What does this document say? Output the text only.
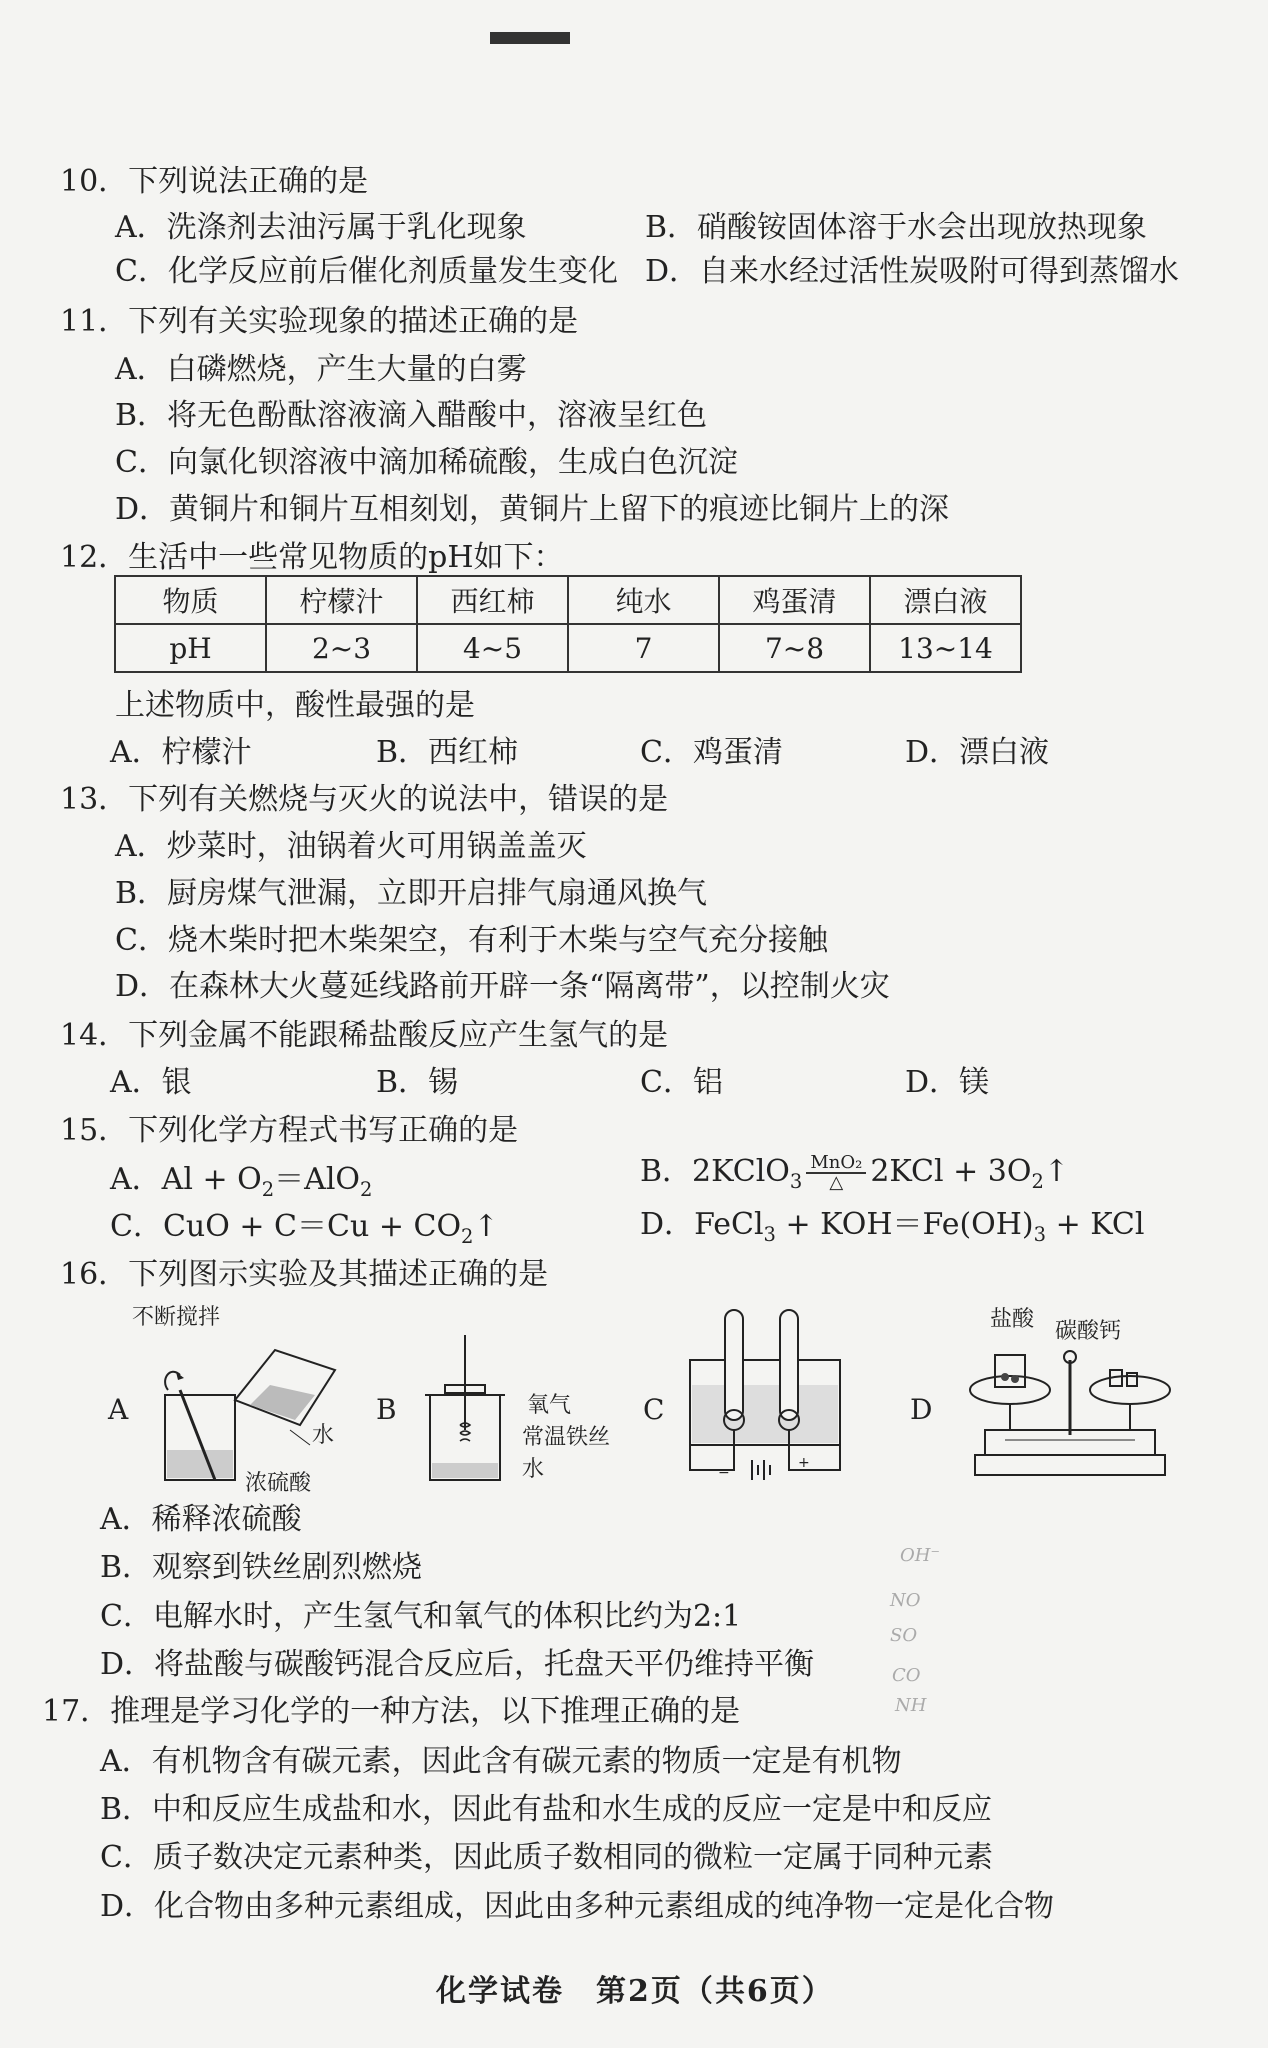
10．下列说法正确的是
A．洗涤剂去油污属于乳化现象	B．硝酸铵固体溶于水会出现放热现象
C．化学反应前后催化剂质量发生变化 D．自来水经过活性炭吸附可得到蒸馏水
11．下列有关实验现象的描述正确的是
A．白磷燃烧，产生大量的白雾
B．将无色酚酞溶液滴入醋酸中，溶液呈红色
C．向氯化钡溶液中滴加稀硫酸，生成白色沉淀
D．黄铜片和铜片互相刻划，黄铜片上留下的痕迹比铜片上的深
12．生活中一些常见物质的pH如下：
物质	柠檬汁	西红柿	纯水	鸡蛋清	漂白液
pH	2~3	4~5	7	7~8	13~14
上述物质中，酸性最强的是
A．柠檬汁	B．西红柿	C．鸡蛋清	D．漂白液
13．下列有关燃烧与灭火的说法中，错误的是
A．炒菜时，油锅着火可用锅盖盖灭
B．厨房煤气泄漏，立即开启排气扇通风换气
C．烧木柴时把木柴架空，有利于木柴与空气充分接触
D．在森林大火蔓延线路前开辟一条“隔离带”，以控制火灾
14．下列金属不能跟稀盐酸反应产生氢气的是
A．银	B．锡	C．铝	D．镁
15．下列化学方程式书写正确的是
A．$Al + O_2=AlO_2$
B．2KClO$_3$ $\frac{\text{MnO₂}}{\triangle} 2KCl$ + $3O_2↑$
C．CuO + $C=Cu + CO_2↑$	D．FeCl$_3$ + $KOH=Fe(OH)_3$ + KCl
16．下列图示实验及其描述正确的是
不断搅拌
A
水
浓硫酸
B	氧气
常温铁丝
水
C
−
+
D
盐酸 碳酸钙
A．稀释浓硫酸
B．观察到铁丝剧烈燃烧
C．电解水时，产生氢气和氧气的体积比约为2:1
D．将盐酸与碳酸钙混合反应后，托盘天平仍维持平衡
OH⁻
NO
SO
CO
NH
17．推理是学习化学的一种方法，以下推理正确的是
A．有机物含有碳元素，因此含有碳元素的物质一定是有机物
B．中和反应生成盐和水，因此有盐和水生成的反应一定是中和反应
C．质子数决定元素种类，因此质子数相同的微粒一定属于同种元素
D．化合物由多种元素组成，因此由多种元素组成的纯净物一定是化合物
化学试卷　第2页（共6页）
